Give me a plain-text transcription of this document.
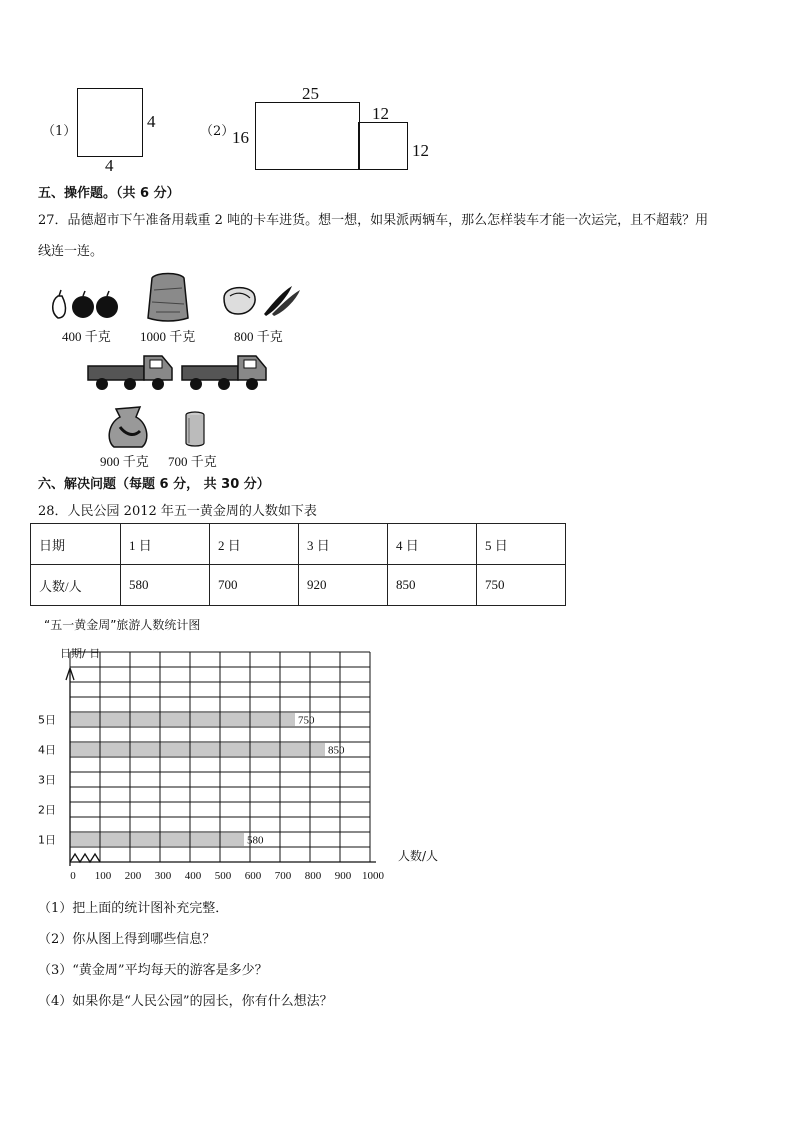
（1）
4
4
（2）
25
16
12
12
五、操作题。（共 6 分）
27．品德超市下午准备用载重 2 吨的卡车进货。想一想，如果派两辆车，那么怎样装车才能一次运完，且不超载？用
线连一连。
400 千克 1000 千克	800 千克
900 千克 700 千克
六、解决问题（每题 6 分， 共 30 分）
28．人民公园 2012 年五一黄金周的人数如下表
日期	1 日	2 日	3 日	4 日	5 日
人数/人	580	700	920	850	750
“五一黄金周”旅游人数统计图
580
850
750
0 100 200 300 400 500 600 700 800 900 1000
1日
2日
3日
4日
5日
日期/ 日
人数/人
（1）把上面的统计图补充完整．
（2）你从图上得到哪些信息？
（3）“黄金周”平均每天的游客是多少？
（4）如果你是“人民公园”的园长，你有什么想法？
